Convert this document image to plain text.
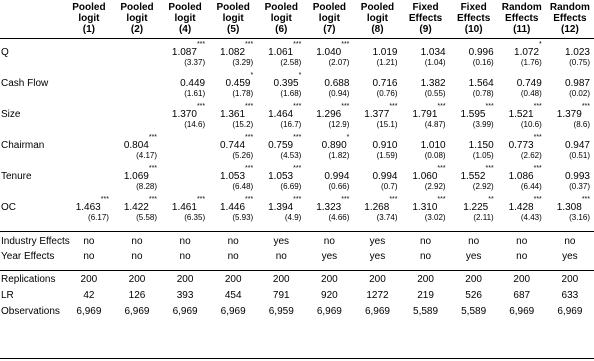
	Pooled
logit
(1)	Pooled
logit
(2)	Pooled
logit
(4)	Pooled
logit
(5)	Pooled
logit
(6)	Pooled
logit
(7)	Pooled
logit
(8)	Fixed
Effects
(9)	Fixed
Effects
(10)	Random
Effects
(11)	Random
Effects
(12)

Q			1.087***	1.082***	1.061***	1.040***	1.019	1.034	0.996	1.072*	1.023
			(3.37)	(3.29)	(2.58)	(2.07)	(1.21)	(1.04)	(0.16)	(1.76)	(0.75)
Cash Flow			0.449	0.459*	0.395*	0.688	0.716	1.382	1.564	0.749	0.987
			(1.61)	(1.78)	(1.68)	(0.94)	(0.76)	(0.55)	(0.78)	(0.48)	(0.02)
Size			1.370***	1.361***	1.464***	1.296***	1.377***	1.791***	1.595***	1.521***	1.379***
			(14.6)	(15.2)	(16.7)	(12.9)	(15.1)	(4.87)	(3.99)	(10.6)	(8.6)
Chairman		0.804***		0.744***	0.759***	0.890*	0.910	1.010	1.150	0.773***	0.947
		(4.17)		(5.26)	(4.53)	(1.82)	(1.59)	(0.08)	(1.05)	(2.62)	(0.51)
Tenure		1.069***		1.053***	1.053***	0.994	0.994	1.060***	1.552***	1.086***	0.993
		(8.28)		(6.48)	(6.69)	(0.66)	(0.7)	(2.92)	(2.92)	(6.44)	(0.37)
OC	1.463***	1.422***	1.461***	1.446***	1.394***	1.323***	1.268***	1.310***	1.225**	1.428***	1.308***
	(6.17)	(5.58)	(6.35)	(5.93)	(4.9)	(4.66)	(3.74)	(3.02)	(2.11)	(4.43)	(3.16)

Industry Effects	no	no	no	no	yes	no	yes	no	no	no	no
Year Effects	no	no	no	no	no	yes	yes	no	yes	no	yes

Replications	200	200	200	200	200	200	200	200	200	200	200
LR	42	126	393	454	791	920	1272	219	526	687	633
Observations	6,969	6,969	6,969	6,969	6,959	6,969	6,969	5,589	5,589	6,969	6,969
